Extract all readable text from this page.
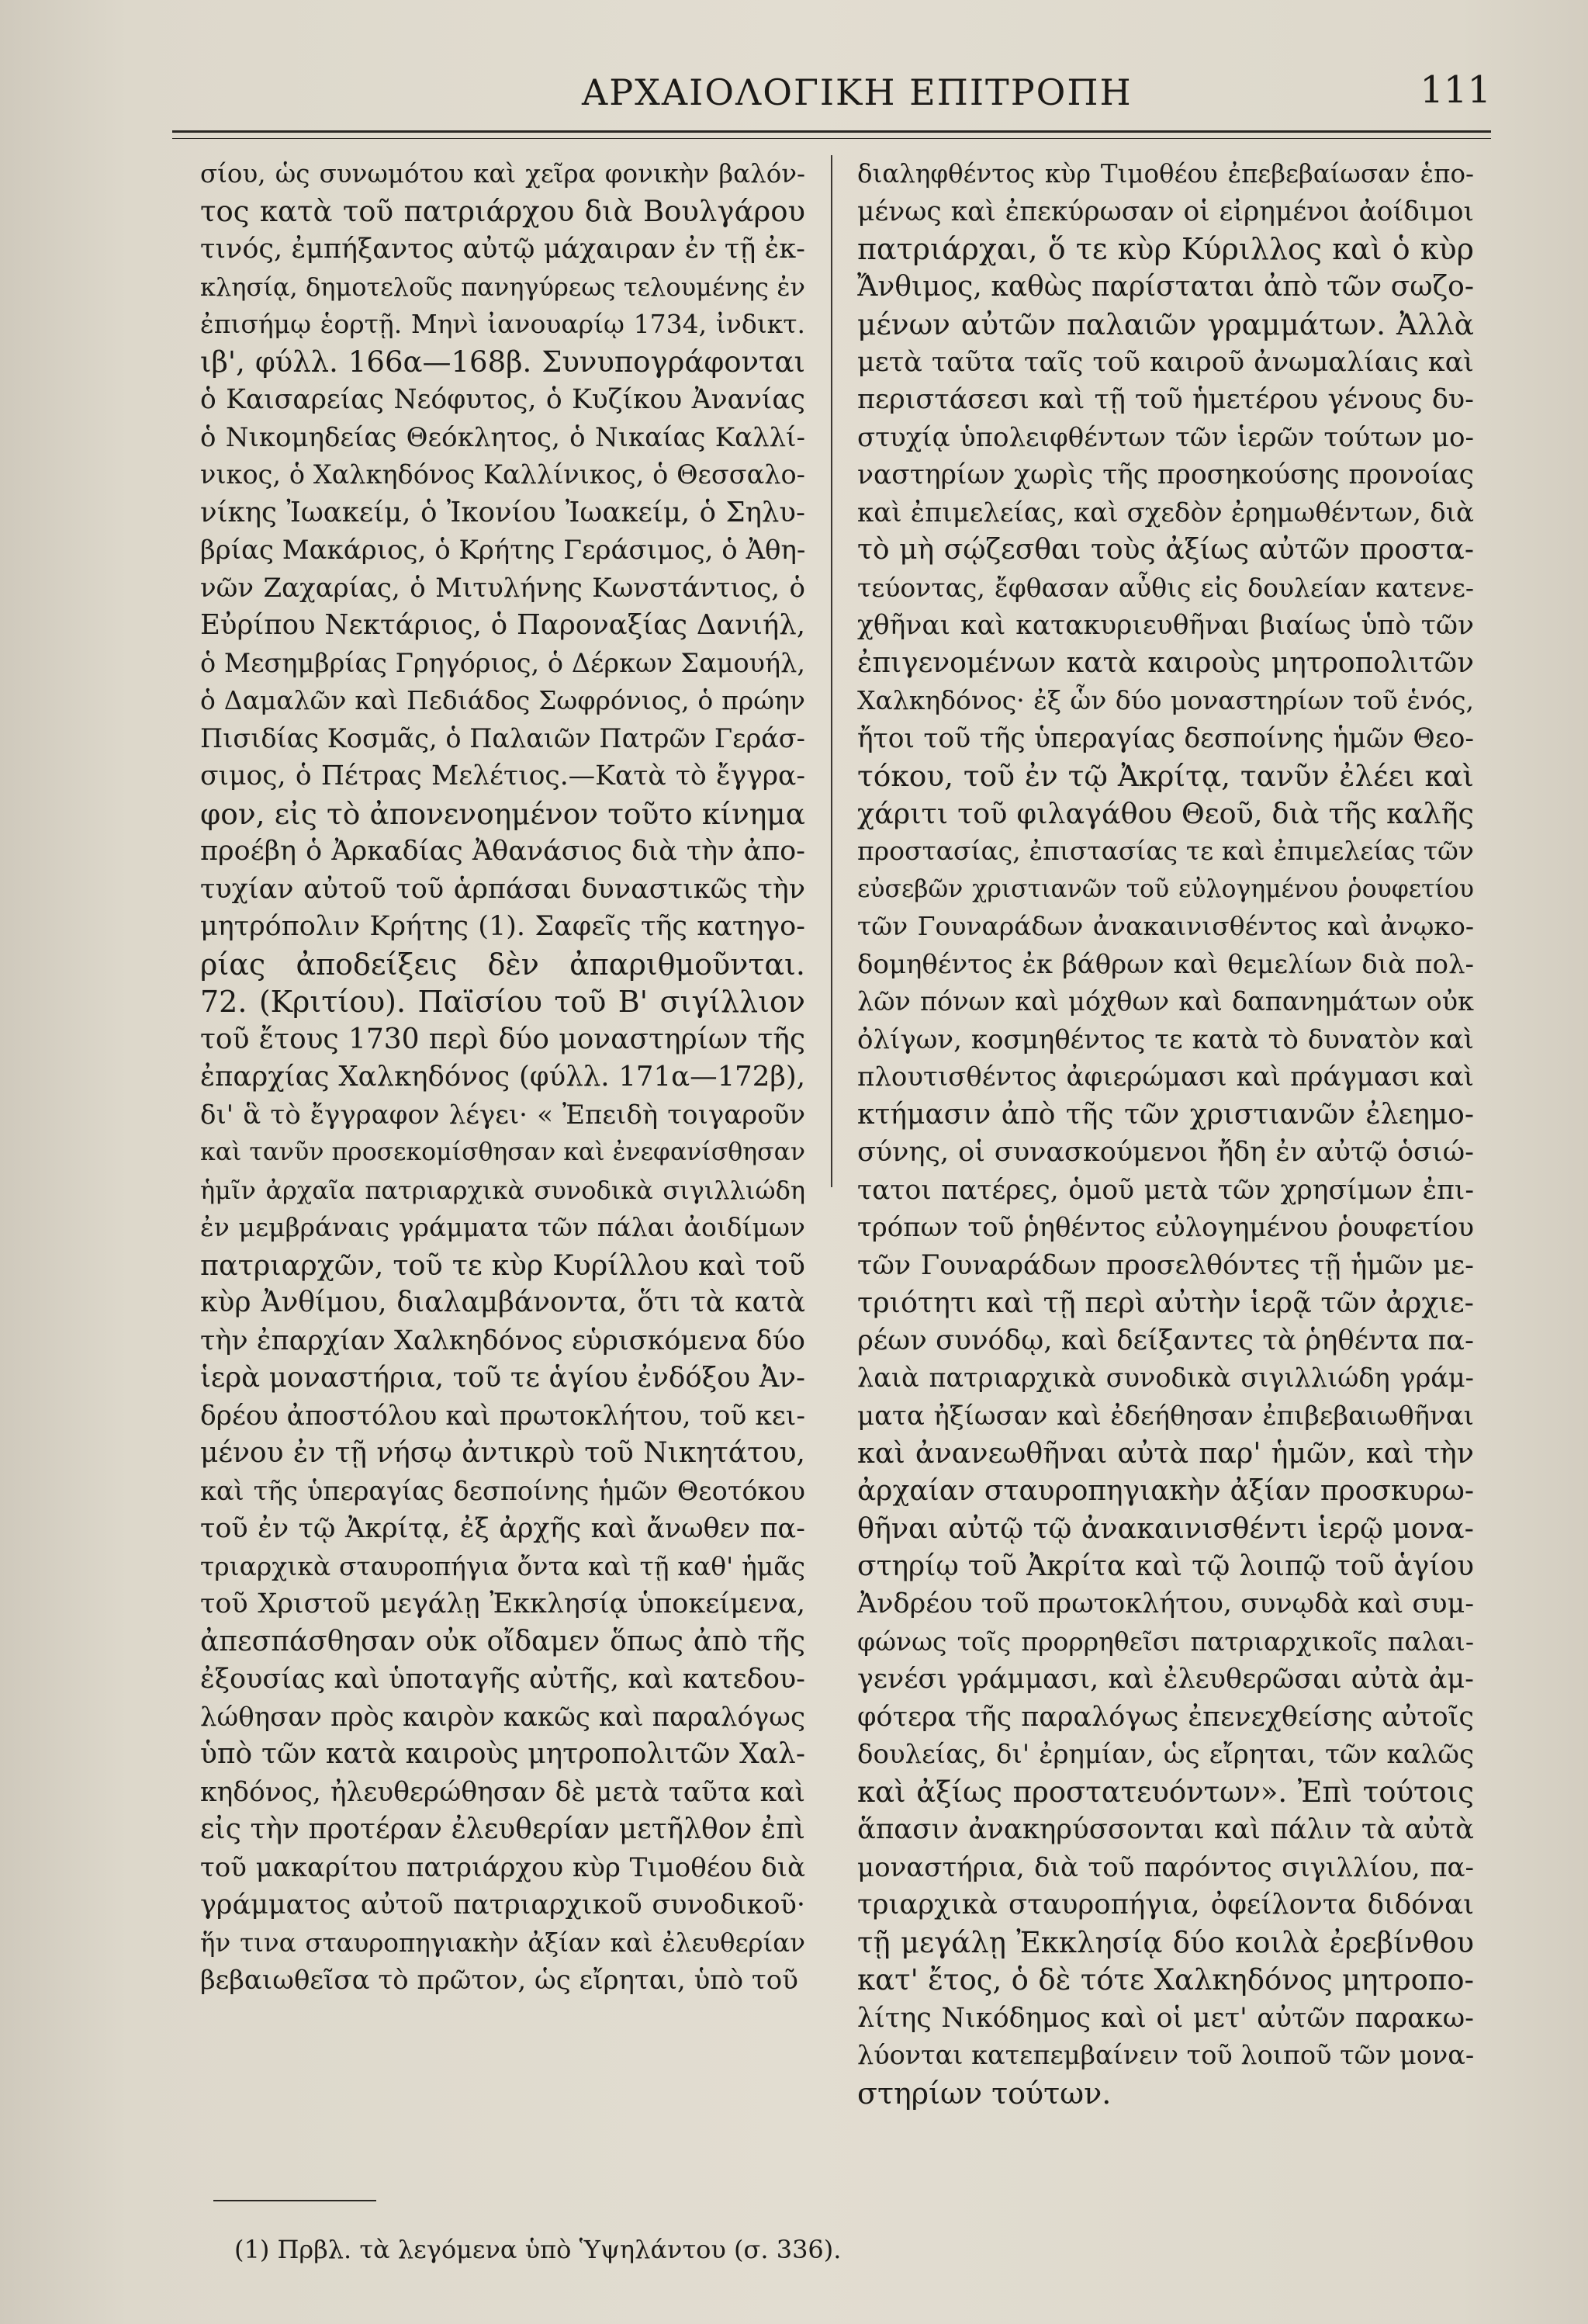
ΑΡΧΑΙΟΛΟΓΙΚΗ ΕΠΙΤΡΟΠΗ	111
σίου, ὡς συνωμότου καὶ χεῖρα φονικὴν βαλόν-
τος κατὰ τοῦ πατριάρχου διὰ Βουλγάρου
τινός, ἐμπήξαντος αὐτῷ μάχαιραν ἐν τῇ ἐκ-
κλησίᾳ, δημοτελοῦς πανηγύρεως τελουμένης ἐν
ἐπισήμῳ ἑορτῇ. Μηνὶ ἰανουαρίῳ 1734, ἰνδικτ.
ιβ', φύλλ. 166α—168β. Συνυπογράφονται
ὁ Καισαρείας Νεόφυτος, ὁ Κυζίκου Ἀνανίας
ὁ Νικομηδείας Θεόκλητος, ὁ Νικαίας Καλλί-
νικος, ὁ Χαλκηδόνος Καλλίνικος, ὁ Θεσσαλο-
νίκης Ἰωακείμ, ὁ Ἰκονίου Ἰωακείμ, ὁ Σηλυ-
βρίας Μακάριος, ὁ Κρήτης Γεράσιμος, ὁ Ἀθη-
νῶν Ζαχαρίας, ὁ Μιτυλήνης Κωνστάντιος, ὁ
Εὐρίπου Νεκτάριος, ὁ Παροναξίας Δανιήλ,
ὁ Μεσημβρίας Γρηγόριος, ὁ Δέρκων Σαμουήλ,
ὁ Δαμαλῶν καὶ Πεδιάδος Σωφρόνιος, ὁ πρώην
Πισιδίας Κοσμᾶς, ὁ Παλαιῶν Πατρῶν Γεράσ-
σιμος, ὁ Πέτρας Μελέτιος.—Κατὰ τὸ ἔγγρα-
φον, εἰς τὸ ἀπονενοημένον τοῦτο κίνημα
προέβη ὁ Ἀρκαδίας Ἀθανάσιος διὰ τὴν ἀπο-
τυχίαν αὐτοῦ τοῦ ἁρπάσαι δυναστικῶς τὴν
μητρόπολιν Κρήτης (1). Σαφεῖς τῆς κατηγο-
ρίας ἀποδείξεις δὲν ἀπαριθμοῦνται.
72. (Κριτίου). Παϊσίου τοῦ Β' σιγίλλιον
τοῦ ἔτους 1730 περὶ δύο μοναστηρίων τῆς
ἐπαρχίας Χαλκηδόνος (φύλλ. 171α—172β),
δι' ἃ τὸ ἔγγραφον λέγει· « Ἐπειδὴ τοιγαροῦν
καὶ τανῦν προσεκομίσθησαν καὶ ἐνεφανίσθησαν
ἡμῖν ἀρχαῖα πατριαρχικὰ συνοδικὰ σιγιλλιώδη
ἐν μεμβράναις γράμματα τῶν πάλαι ἀοιδίμων
πατριαρχῶν, τοῦ τε κὺρ Κυρίλλου καὶ τοῦ
κὺρ Ἀνθίμου, διαλαμβάνοντα, ὅτι τὰ κατὰ
τὴν ἐπαρχίαν Χαλκηδόνος εὑρισκόμενα δύο
ἱερὰ μοναστήρια, τοῦ τε ἁγίου ἐνδόξου Ἀν-
δρέου ἀποστόλου καὶ πρωτοκλήτου, τοῦ κει-
μένου ἐν τῇ νήσῳ ἀντικρὺ τοῦ Νικητάτου,
καὶ τῆς ὑπεραγίας δεσποίνης ἡμῶν Θεοτόκου
τοῦ ἐν τῷ Ἀκρίτᾳ, ἐξ ἀρχῆς καὶ ἄνωθεν πα-
τριαρχικὰ σταυροπήγια ὄντα καὶ τῇ καθ' ἡμᾶς
τοῦ Χριστοῦ μεγάλῃ Ἐκκλησίᾳ ὑποκείμενα,
ἀπεσπάσθησαν οὐκ οἴδαμεν ὅπως ἀπὸ τῆς
ἐξουσίας καὶ ὑποταγῆς αὐτῆς, καὶ κατεδου-
λώθησαν πρὸς καιρὸν κακῶς καὶ παραλόγως
ὑπὸ τῶν κατὰ καιροὺς μητροπολιτῶν Χαλ-
κηδόνος, ἠλευθερώθησαν δὲ μετὰ ταῦτα καὶ
εἰς τὴν προτέραν ἐλευθερίαν μετῆλθον ἐπὶ
τοῦ μακαρίτου πατριάρχου κὺρ Τιμοθέου διὰ
γράμματος αὐτοῦ πατριαρχικοῦ συνοδικοῦ·
ἥν τινα σταυροπηγιακὴν ἀξίαν καὶ ἐλευθερίαν
βεβαιωθεῖσα τὸ πρῶτον, ὡς εἴρηται, ὑπὸ τοῦ
διαληφθέντος κὺρ Τιμοθέου ἐπεβεβαίωσαν ἑπο-
μένως καὶ ἐπεκύρωσαν οἱ εἰρημένοι ἀοίδιμοι
πατριάρχαι, ὅ τε κὺρ Κύριλλος καὶ ὁ κὺρ
Ἄνθιμος, καθὼς παρίσταται ἀπὸ τῶν σωζο-
μένων αὐτῶν παλαιῶν γραμμάτων. Ἀλλὰ
μετὰ ταῦτα ταῖς τοῦ καιροῦ ἀνωμαλίαις καὶ
περιστάσεσι καὶ τῇ τοῦ ἡμετέρου γένους δυ-
στυχίᾳ ὑπολειφθέντων τῶν ἱερῶν τούτων μο-
ναστηρίων χωρὶς τῆς προσηκούσης προνοίας
καὶ ἐπιμελείας, καὶ σχεδὸν ἐρημωθέντων, διὰ
τὸ μὴ σῴζεσθαι τοὺς ἀξίως αὐτῶν προστα-
τεύοντας, ἔφθασαν αὖθις εἰς δουλείαν κατενε-
χθῆναι καὶ κατακυριευθῆναι βιαίως ὑπὸ τῶν
ἐπιγενομένων κατὰ καιροὺς μητροπολιτῶν
Χαλκηδόνος· ἐξ ὧν δύο μοναστηρίων τοῦ ἑνός,
ἤτοι τοῦ τῆς ὑπεραγίας δεσποίνης ἡμῶν Θεο-
τόκου, τοῦ ἐν τῷ Ἀκρίτᾳ, τανῦν ἐλέει καὶ
χάριτι τοῦ φιλαγάθου Θεοῦ, διὰ τῆς καλῆς
προστασίας, ἐπιστασίας τε καὶ ἐπιμελείας τῶν
εὐσεβῶν χριστιανῶν τοῦ εὐλογημένου ῥουφετίου
τῶν Γουναράδων ἀνακαινισθέντος καὶ ἀνῳκο-
δομηθέντος ἐκ βάθρων καὶ θεμελίων διὰ πολ-
λῶν πόνων καὶ μόχθων καὶ δαπανημάτων οὐκ
ὀλίγων, κοσμηθέντος τε κατὰ τὸ δυνατὸν καὶ
πλουτισθέντος ἀφιερώμασι καὶ πράγμασι καὶ
κτήμασιν ἀπὸ τῆς τῶν χριστιανῶν ἐλεημο-
σύνης, οἱ συνασκούμενοι ἤδη ἐν αὐτῷ ὁσιώ-
τατοι πατέρες, ὁμοῦ μετὰ τῶν χρησίμων ἐπι-
τρόπων τοῦ ῥηθέντος εὐλογημένου ῥουφετίου
τῶν Γουναράδων προσελθόντες τῇ ἡμῶν με-
τριότητι καὶ τῇ περὶ αὐτὴν ἱερᾷ τῶν ἀρχιε-
ρέων συνόδῳ, καὶ δείξαντες τὰ ῥηθέντα πα-
λαιὰ πατριαρχικὰ συνοδικὰ σιγιλλιώδη γράμ-
ματα ἠξίωσαν καὶ ἐδεήθησαν ἐπιβεβαιωθῆναι
καὶ ἀνανεωθῆναι αὐτὰ παρ' ἡμῶν, καὶ τὴν
ἀρχαίαν σταυροπηγιακὴν ἀξίαν προσκυρω-
θῆναι αὐτῷ τῷ ἀνακαινισθέντι ἱερῷ μονα-
στηρίῳ τοῦ Ἀκρίτα καὶ τῷ λοιπῷ τοῦ ἁγίου
Ἀνδρέου τοῦ πρωτοκλήτου, συνῳδὰ καὶ συμ-
φώνως τοῖς προρρηθεῖσι πατριαρχικοῖς παλαι-
γενέσι γράμμασι, καὶ ἐλευθερῶσαι αὐτὰ ἀμ-
φότερα τῆς παραλόγως ἐπενεχθείσης αὐτοῖς
δουλείας, δι' ἐρημίαν, ὡς εἴρηται, τῶν καλῶς
καὶ ἀξίως προστατευόντων». Ἐπὶ τούτοις
ἅπασιν ἀνακηρύσσονται καὶ πάλιν τὰ αὐτὰ
μοναστήρια, διὰ τοῦ παρόντος σιγιλλίου, πα-
τριαρχικὰ σταυροπήγια, ὀφείλοντα διδόναι
τῇ μεγάλῃ Ἐκκλησίᾳ δύο κοιλὰ ἐρεβίνθου
κατ' ἔτος, ὁ δὲ τότε Χαλκηδόνος μητροπο-
λίτης Νικόδημος καὶ οἱ μετ' αὐτῶν παρακω-
λύονται κατεπεμβαίνειν τοῦ λοιποῦ τῶν μονα-
στηρίων τούτων.
(1) Πρβλ. τὰ λεγόμενα ὑπὸ Ὑψηλάντου (σ. 336).
